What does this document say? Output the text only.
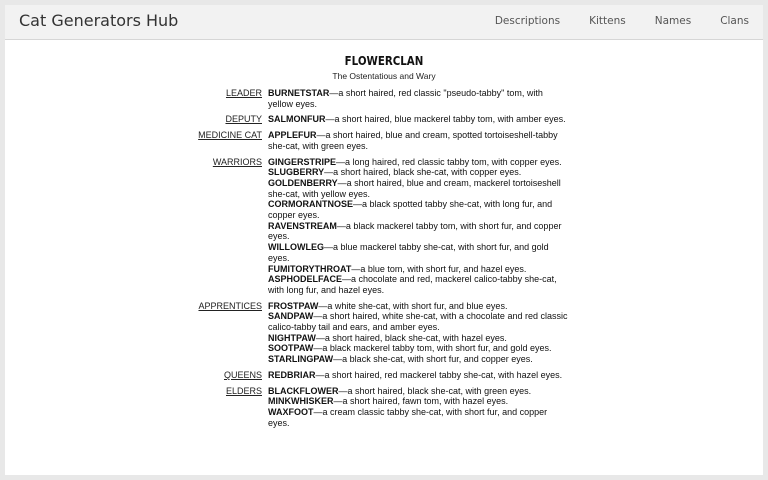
Cat Generators Hub	Descriptions	Kittens	Names	Clans
FLOWERCLAN
The Ostentatious and Wary
LEADER BURNETSTAR—a short haired, red classic "pseudo-tabby" tom, with yellow eyes.

DEPUTY SALMONFUR—a short haired, blue mackerel tabby tom, with amber eyes.

MEDICINE CAT APPLEFUR—a short haired, blue and cream, spotted tortoiseshell-tabby she-cat, with green eyes.

WARRIORS GINGERSTRIPE—a long haired, red classic tabby tom, with copper eyes.

SLUGBERRY—a short haired, black she-cat, with copper eyes.

GOLDENBERRY—a short haired, blue and cream, mackerel tortoiseshell she-cat, with yellow eyes.

CORMORANTNOSE—a black spotted tabby she-cat, with long fur, and copper eyes.

RAVENSTREAM—a black mackerel tabby tom, with short fur, and copper eyes.

WILLOWLEG—a blue mackerel tabby she-cat, with short fur, and gold eyes.

FUMITORYTHROAT—a blue tom, with short fur, and hazel eyes.

ASPHODELFACE—a chocolate and red, mackerel calico-tabby she-cat, with long fur, and hazel eyes.

APPRENTICES FROSTPAW—a white she-cat, with short fur, and blue eyes.

SANDPAW—a short haired, white she-cat, with a chocolate and red classic calico-tabby tail and ears, and amber eyes.

NIGHTPAW—a short haired, black she-cat, with hazel eyes.

SOOTPAW—a black mackerel tabby tom, with short fur, and gold eyes.

STARLINGPAW—a black she-cat, with short fur, and copper eyes.

QUEENS REDBRIAR—a short haired, red mackerel tabby she-cat, with hazel eyes.

ELDERS BLACKFLOWER—a short haired, black she-cat, with green eyes.

MINKWHISKER—a short haired, fawn tom, with hazel eyes.

WAXFOOT—a cream classic tabby she-cat, with short fur, and copper eyes.
